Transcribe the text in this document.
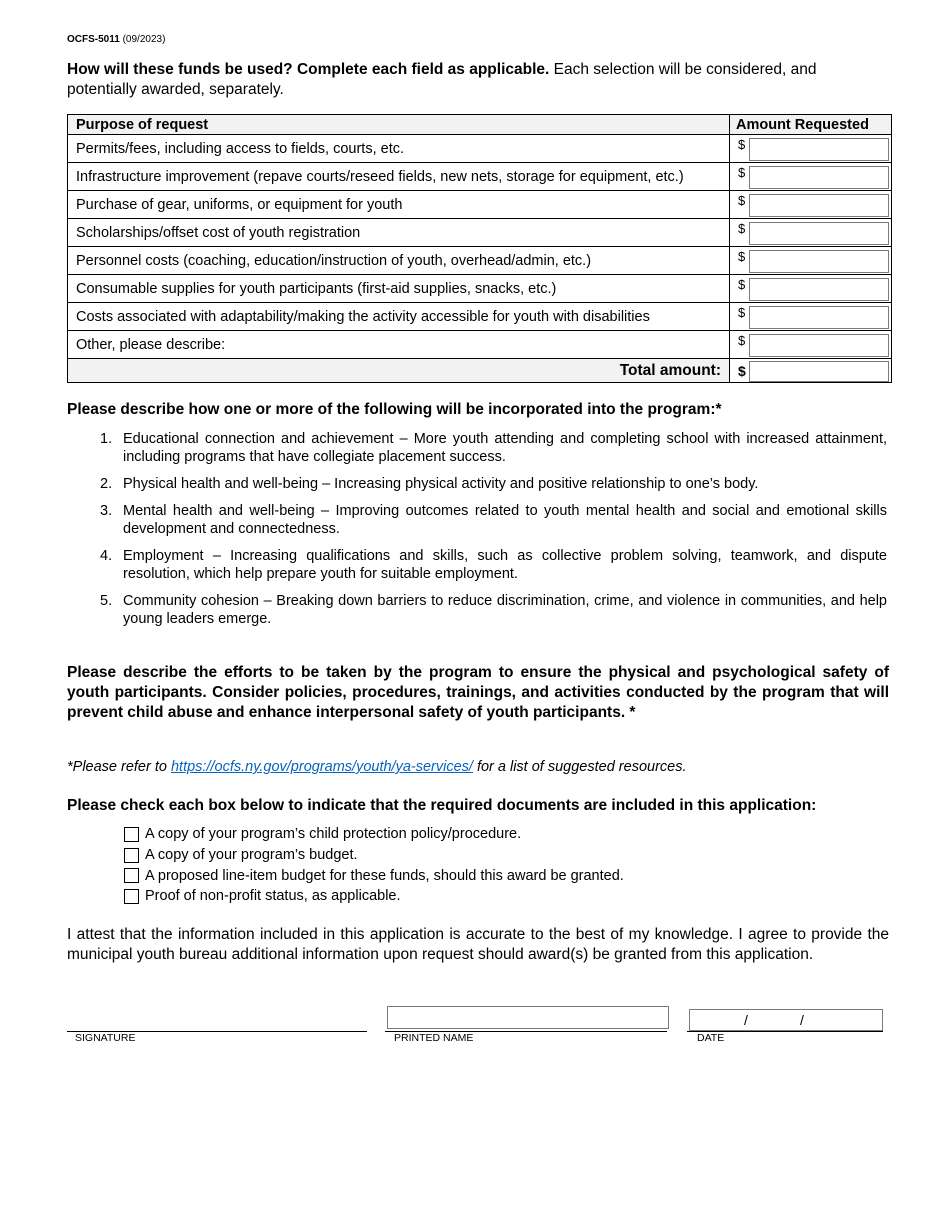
OCFS-5011 (09/2023)
How will these funds be used? Complete each field as applicable. Each selection will be considered, and potentially awarded, separately.
Purpose of request	Amount Requested
Permits/fees, including access to fields, courts, etc.	$

Infrastructure improvement (repave courts/reseed fields, new nets, storage for equipment, etc.)	$

Purchase of gear, uniforms, or equipment for youth	$

Scholarships/offset cost of youth registration	$

Personnel costs (coaching, education/instruction of youth, overhead/admin, etc.)	$

Consumable supplies for youth participants (first-aid supplies, snacks, etc.)	$

Costs associated with adaptability/making the activity accessible for youth with disabilities	$

Other, please describe:	$

Total amount:	$
Please describe how one or more of the following will be incorporated into the program:*
1. Educational connection and achievement – More youth attending and completing school with increased attainment, including programs that have collegiate placement success.
2. Physical health and well-being – Increasing physical activity and positive relationship to one’s body.
3. Mental health and well-being – Improving outcomes related to youth mental health and social and emotional skills development and connectedness.
4. Employment – Increasing qualifications and skills, such as collective problem solving, teamwork, and dispute resolution, which help prepare youth for suitable employment.
5. Community cohesion – Breaking down barriers to reduce discrimination, crime, and violence in communities, and help young leaders emerge.
Please describe the efforts to be taken by the program to ensure the physical and psychological safety of youth participants. Consider policies, procedures, trainings, and activities conducted by the program that will prevent child abuse and enhance interpersonal safety of youth participants. *
*Please refer to https://ocfs.ny.gov/programs/youth/ya-services/ for a list of suggested resources.
Please check each box below to indicate that the required documents are included in this application:
A copy of your program’s child protection policy/procedure.
A copy of your program’s budget.
A proposed line-item budget for these funds, should this award be granted.
Proof of non-profit status, as applicable.
I attest that the information included in this application is accurate to the best of my knowledge. I agree to provide the municipal youth bureau additional information upon request should award(s) be granted from this application.
SIGNATURE	PRINTED NAME
/	/
DATE
